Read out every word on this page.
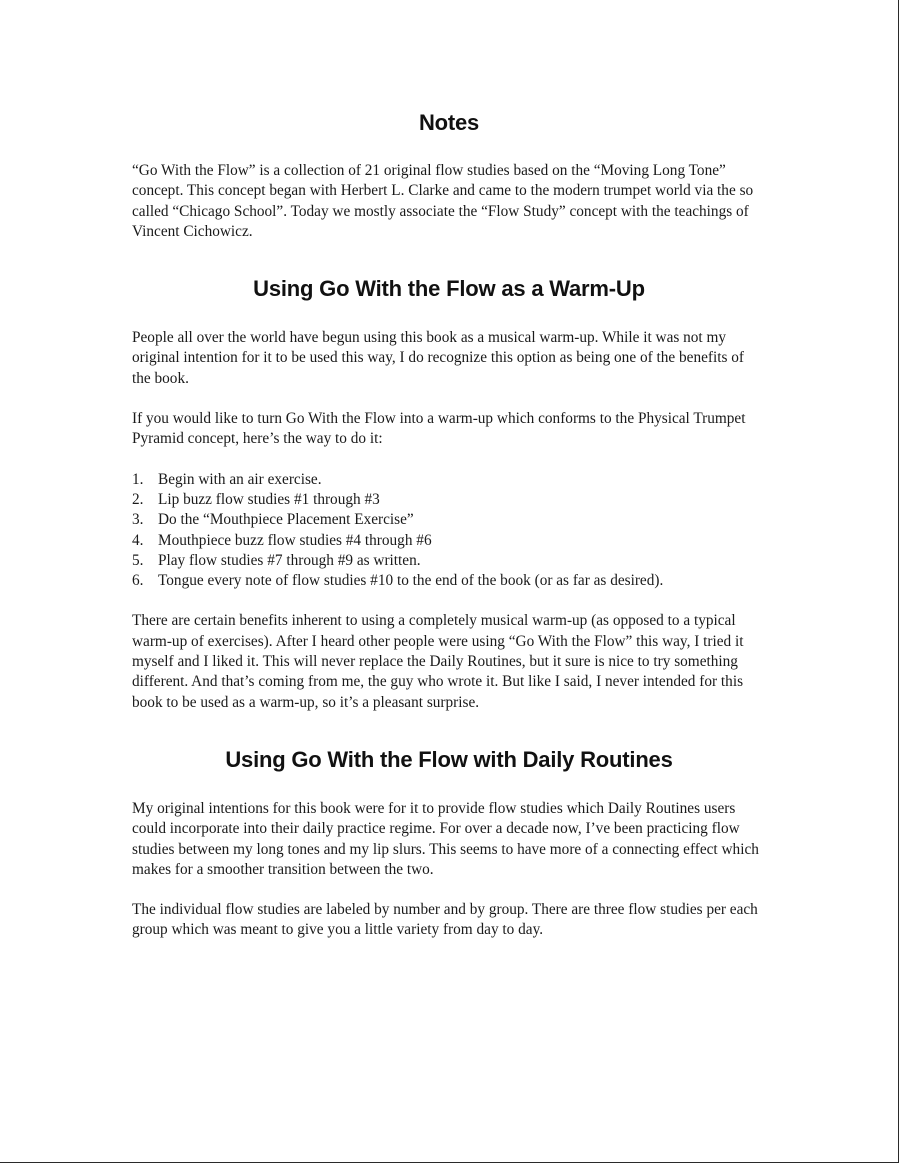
Notes

“Go With the Flow” is a collection of 21 original flow studies based on the “Moving Long Tone” concept. This concept began with Herbert L. Clarke and came to the modern trumpet world via the so called “Chicago School”. Today we mostly associate the “Flow Study” concept with the teachings of Vincent Cichowicz.

Using Go With the Flow as a Warm-Up

People all over the world have begun using this book as a musical warm-up. While it was not my original intention for it to be used this way, I do recognize this option as being one of the benefits of the book.

If you would like to turn Go With the Flow into a warm-up which conforms to the Physical Trumpet Pyramid concept, here’s the way to do it:

1. Begin with an air exercise.
2. Lip buzz flow studies #1 through #3
3. Do the “Mouthpiece Placement Exercise”
4. Mouthpiece buzz flow studies #4 through #6
5. Play flow studies #7 through #9 as written.
6. Tongue every note of flow studies #10 to the end of the book (or as far as desired).

There are certain benefits inherent to using a completely musical warm-up (as opposed to a typical warm-up of exercises). After I heard other people were using “Go With the Flow” this way, I tried it myself and I liked it. This will never replace the Daily Routines, but it sure is nice to try something different. And that’s coming from me, the guy who wrote it. But like I said, I never intended for this book to be used as a warm-up, so it’s a pleasant surprise.

Using Go With the Flow with Daily Routines

My original intentions for this book were for it to provide flow studies which Daily Routines users could incorporate into their daily practice regime. For over a decade now, I’ve been practicing flow studies between my long tones and my lip slurs. This seems to have more of a connecting effect which makes for a smoother transition between the two.

The individual flow studies are labeled by number and by group. There are three flow studies per each group which was meant to give you a little variety from day to day.
